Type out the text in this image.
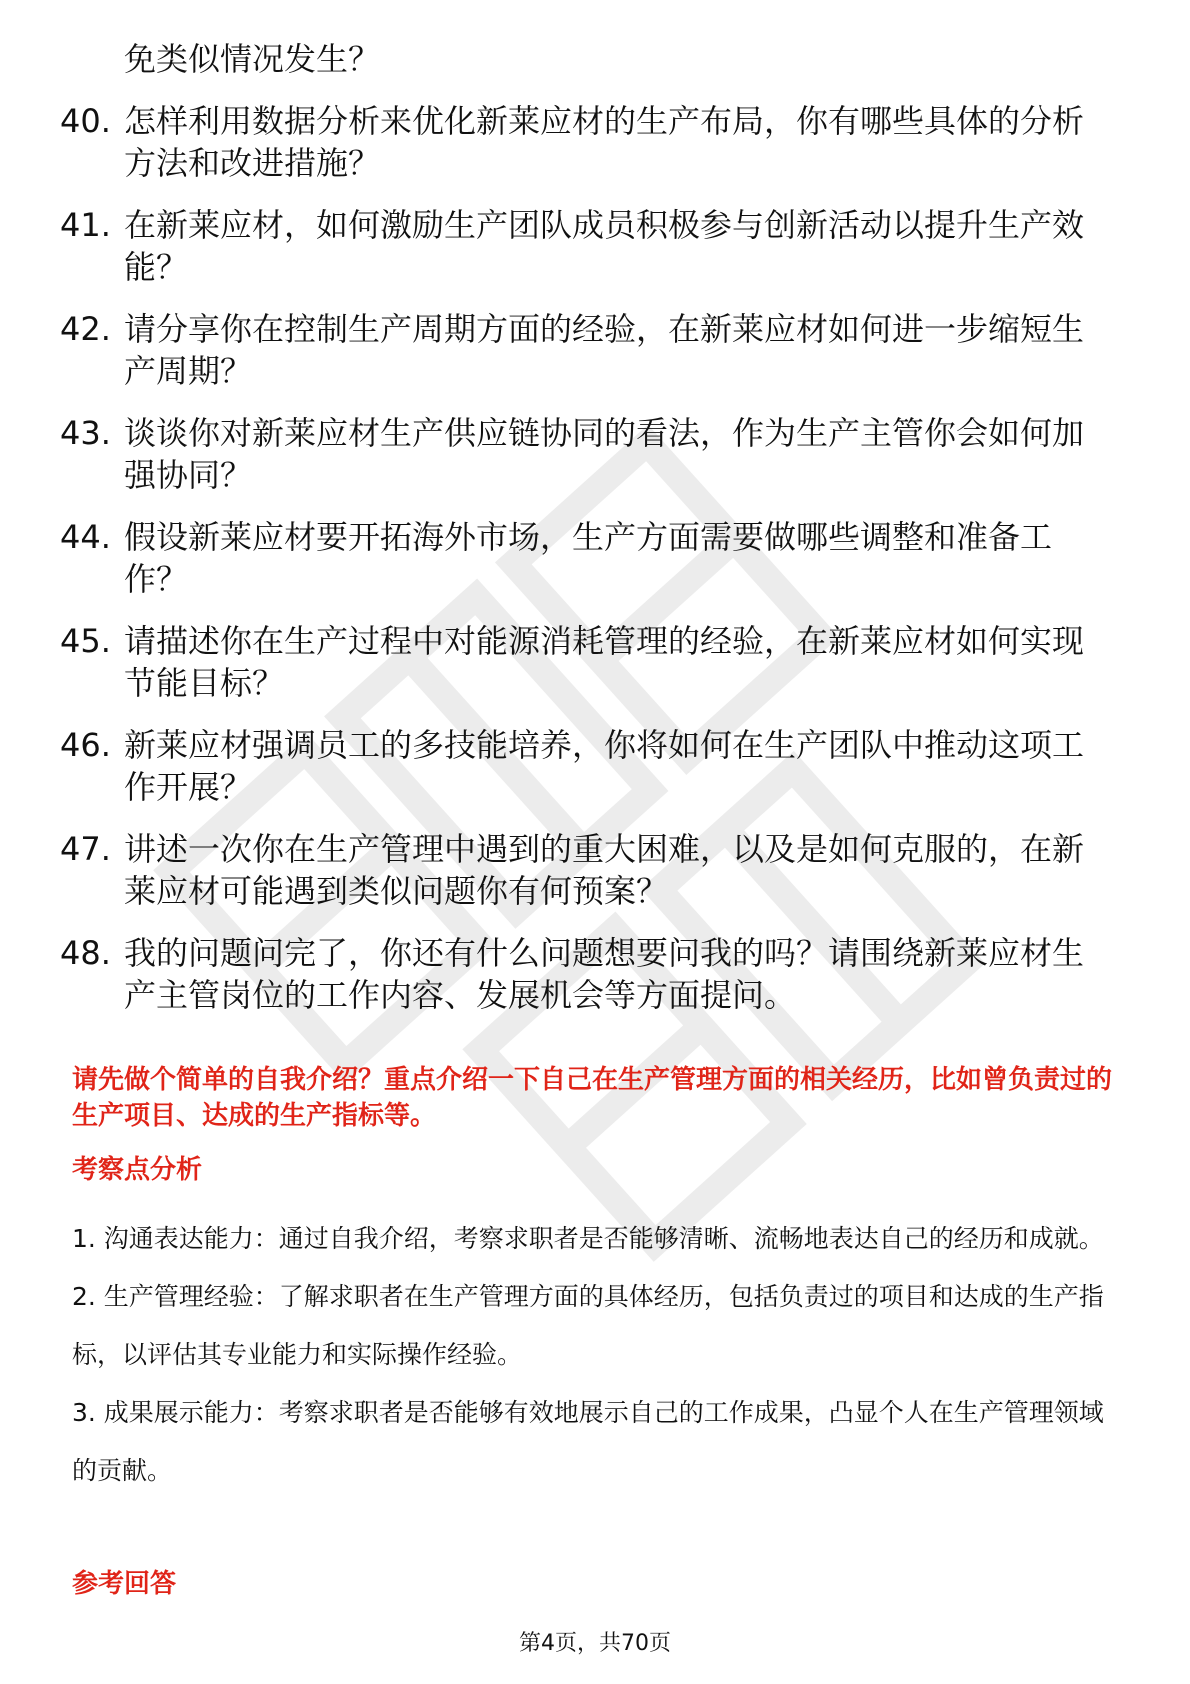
免类似情况发生？
40. 怎样利用数据分析来优化新莱应材的生产布局，你有哪些具体的分析方法和改进措施？
41. 在新莱应材，如何激励生产团队成员积极参与创新活动以提升生产效能？
42. 请分享你在控制生产周期方面的经验，在新莱应材如何进一步缩短生产周期？
43. 谈谈你对新莱应材生产供应链协同的看法，作为生产主管你会如何加强协同？
44. 假设新莱应材要开拓海外市场，生产方面需要做哪些调整和准备工作？
45. 请描述你在生产过程中对能源消耗管理的经验，在新莱应材如何实现节能目标？
46. 新莱应材强调员工的多技能培养，你将如何在生产团队中推动这项工作开展？
47. 讲述一次你在生产管理中遇到的重大困难，以及是如何克服的，在新莱应材可能遇到类似问题你有何预案？
48. 我的问题问完了，你还有什么问题想要问我的吗？请围绕新莱应材生产主管岗位的工作内容、发展机会等方面提问。
请先做个简单的自我介绍？重点介绍一下自己在生产管理方面的相关经历，比如曾负责过的生产项目、达成的生产指标等。
考察点分析

1. 沟通表达能力：通过自我介绍，考察求职者是否能够清晰、流畅地表达自己的经历和成就。

2. 生产管理经验：了解求职者在生产管理方面的具体经历，包括负责过的项目和达成的生产指标，以评估其专业能力和实际操作经验。

3. 成果展示能力：考察求职者是否能够有效地展示自己的工作成果，凸显个人在生产管理领域的贡献。

参考回答
第4页，共70页
